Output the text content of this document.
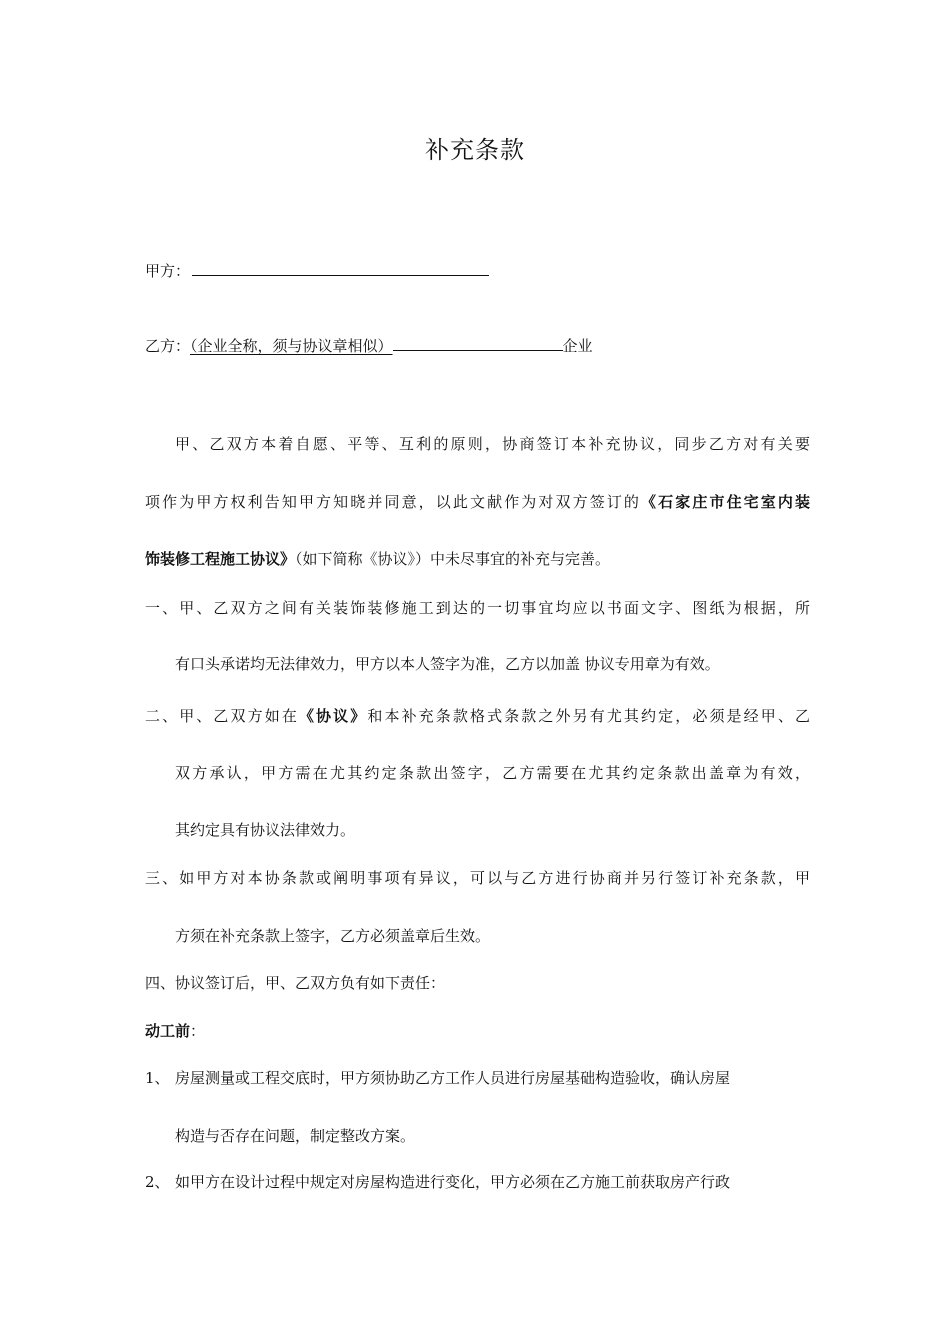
补充条款
甲方：
乙方：（企业全称，须与协议章相似）	企业
甲、乙双方本着自愿、平等、互利的原则，协商签订本补充协议，同步乙方对有关要
项作为甲方权利告知甲方知晓并同意，以此文献作为对双方签订的《石家庄市住宅室内装
饰装修工程施工协议》（如下简称《协议》）中未尽事宜的补充与完善。
一、甲、乙双方之间有关装饰装修施工到达的一切事宜均应以书面文字、图纸为根据，所
有口头承诺均无法律效力，甲方以本人签字为准，乙方以加盖 协议专用章为有效。
二、甲、乙双方如在《协议》和本补充条款格式条款之外另有尤其约定，必须是经甲、乙
双方承认，甲方需在尤其约定条款出签字，乙方需要在尤其约定条款出盖章为有效，
其约定具有协议法律效力。
三、如甲方对本协条款或阐明事项有异议，可以与乙方进行协商并另行签订补充条款，甲
方须在补充条款上签字，乙方必须盖章后生效。
四、协议签订后，甲、乙双方负有如下责任：
动工前：
1、 房屋测量或工程交底时，甲方须协助乙方工作人员进行房屋基础构造验收，确认房屋
构造与否存在问题，制定整改方案。
2、 如甲方在设计过程中规定对房屋构造进行变化，甲方必须在乙方施工前获取房产行政
